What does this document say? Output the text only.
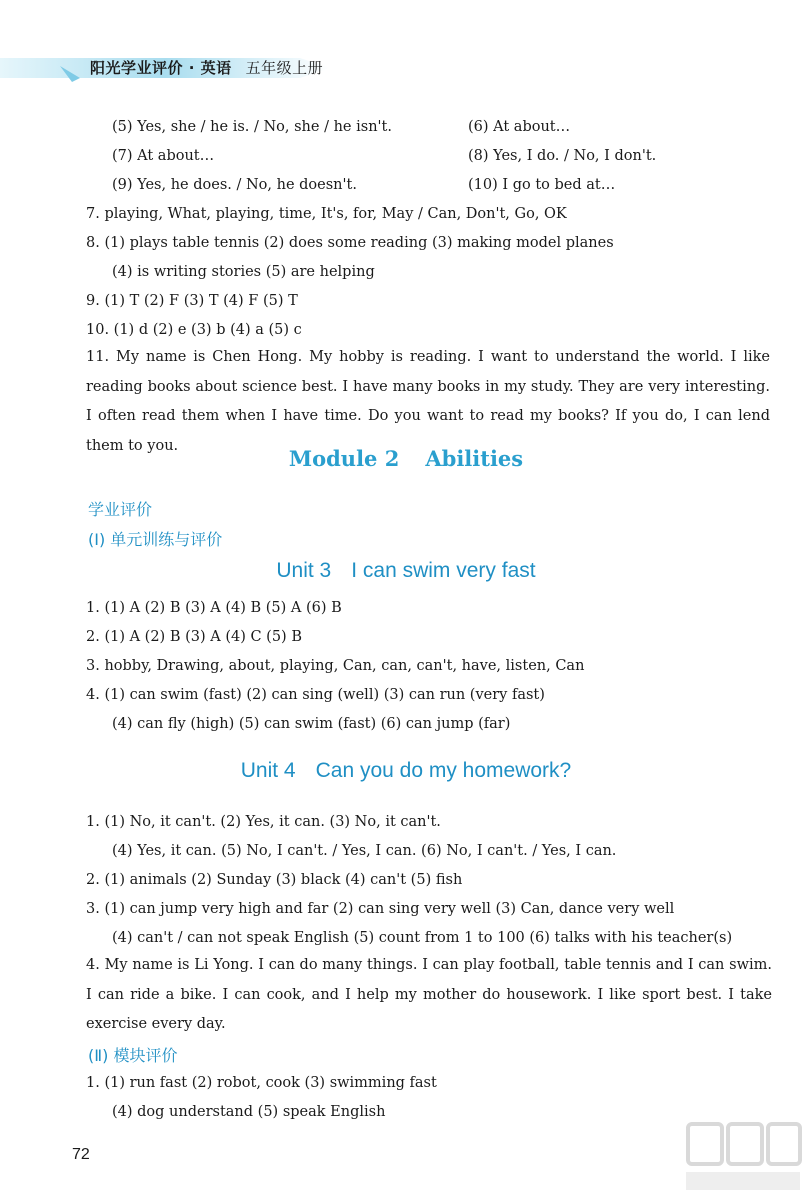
阳光学业评价 · 英语 五年级上册
(5) Yes, she / he is. / No, she / he isn't.	(6) At about…
(7) At about…	(8) Yes, I do. / No, I don't.
(9) Yes, he does. / No, he doesn't.	(10) I go to bed at…
7. playing, What, playing, time, It's, for, May / Can, Don't, Go, OK
8. (1) plays table tennis (2) does some reading (3) making model planes
(4) is writing stories (5) are helping
9. (1) T (2) F (3) T (4) F (5) T
10. (1) d (2) e (3) b (4) a (5) c
11. My name is Chen Hong. My hobby is reading. I want to understand the world. I like reading books about science best. I have many books in my study. They are very interesting. I often read them when I have time. Do you want to read my books? If you do, I can lend them to you.
Module 2 Abilities
学业评价
(Ⅰ) 单元训练与评价
Unit 3 I can swim very fast
1. (1) A (2) B (3) A (4) B (5) A (6) B
2. (1) A (2) B (3) A (4) C (5) B
3. hobby, Drawing, about, playing, Can, can, can't, have, listen, Can
4. (1) can swim (fast) (2) can sing (well) (3) can run (very fast)
(4) can fly (high) (5) can swim (fast) (6) can jump (far)
Unit 4 Can you do my homework?
1. (1) No, it can't. (2) Yes, it can. (3) No, it can't.
(4) Yes, it can. (5) No, I can't. / Yes, I can. (6) No, I can't. / Yes, I can.
2. (1) animals (2) Sunday (3) black (4) can't (5) fish
3. (1) can jump very high and far (2) can sing very well (3) Can, dance very well
(4) can't / can not speak English (5) count from 1 to 100 (6) talks with his teacher(s)
4. My name is Li Yong. I can do many things. I can play football, table tennis and I can swim. I can ride a bike. I can cook, and I help my mother do housework. I like sport best. I take exercise every day.
(Ⅱ) 模块评价
1. (1) run fast (2) robot, cook (3) swimming fast
(4) dog understand (5) speak English
72
